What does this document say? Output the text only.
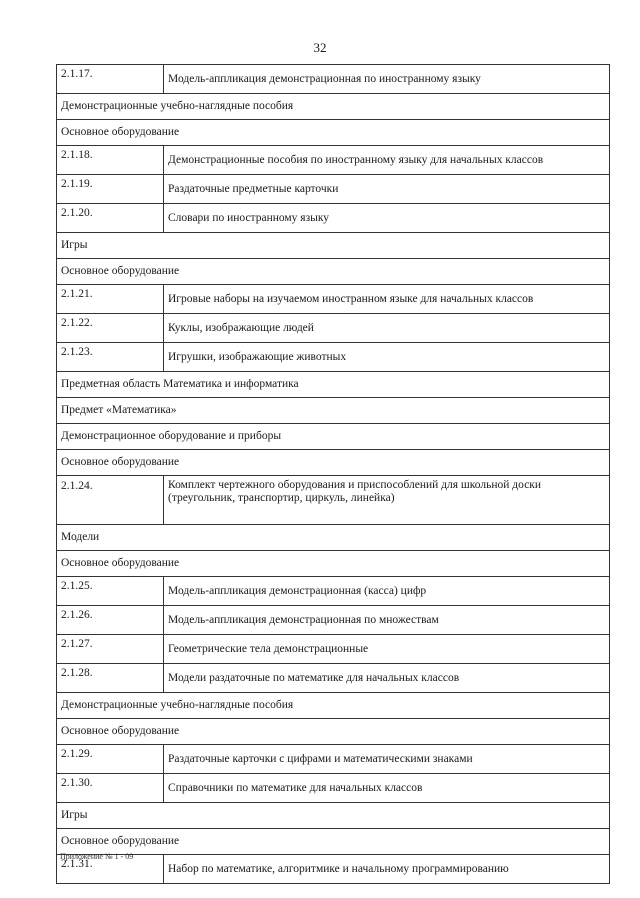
32
2.1.17.	Модель-аппликация демонстрационная по иностранному языку
Демонстрационные учебно-наглядные пособия	
Основное оборудование	
2.1.18.	Демонстрационные пособия по иностранному языку для начальных классов
2.1.19.	Раздаточные предметные карточки
2.1.20.	Словари по иностранному языку
Игры	
Основное оборудование	
2.1.21.	Игровые наборы на изучаемом иностранном языке для начальных классов
2.1.22.	Куклы, изображающие людей
2.1.23.	Игрушки, изображающие животных
Предметная область Математика и информатика	
Предмет «Математика»	
Демонстрационное оборудование и приборы	
Основное оборудование	
2.1.24.	Комплект чертежного оборудования и приспособлений для школьной доски (треугольник, транспортир, циркуль, линейка)
Модели	
Основное оборудование	
2.1.25.	Модель-аппликация демонстрационная (касса) цифр
2.1.26.	Модель-аппликация демонстрационная по множествам
2.1.27.	Геометрические тела демонстрационные
2.1.28.	Модели раздаточные по математике для начальных классов
Демонстрационные учебно-наглядные пособия	
Основное оборудование	
2.1.29.	Раздаточные карточки с цифрами и математическими знаками
2.1.30.	Справочники по математике для начальных классов
Игры	
Основное оборудование	
2.1.31.	Набор по математике, алгоритмике и начальному программированию
Приложение № 1 - 09
